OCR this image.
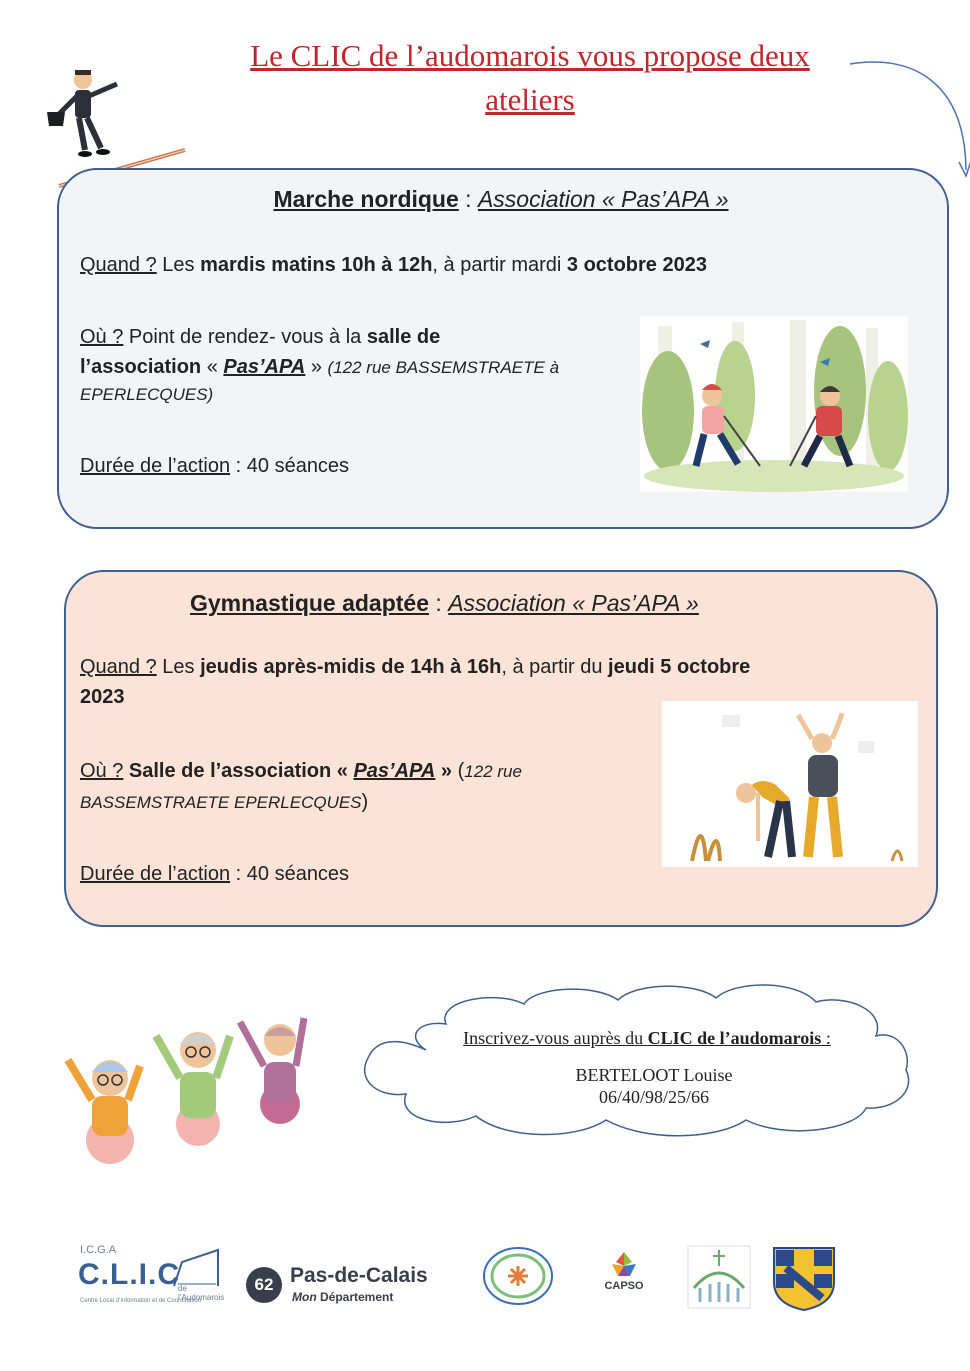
Le CLIC de l’audomarois vous propose deux
ateliers
Marche nordique : Association « Pas’APA »
Quand ? Les mardis matins 10h à 12h, à partir mardi 3 octobre 2023
Où ? Point de rendez- vous à la salle de
l’association « Pas’APA » (122 rue BASSEMSTRAETE à
EPERLECQUES)
Durée de l’action : 40 séances
Gymnastique adaptée : Association « Pas’APA »
Quand ? Les jeudis après-midis de 14h à 16h, à partir du jeudi 5 octobre
2023
Où ? Salle de l’association « Pas’APA » (122 rue
BASSEMSTRAETE EPERLECQUES)
Durée de l’action : 40 séances
Inscrivez-vous auprès du CLIC de l’audomarois :
BERTELOOT Louise
06/40/98/25/66
I.C.G.A
C.L.I.C
de l’Audomarois
Centre Local d’Information et de Coordination
62 Pas-de-Calais
Mon Département
CAPSO
